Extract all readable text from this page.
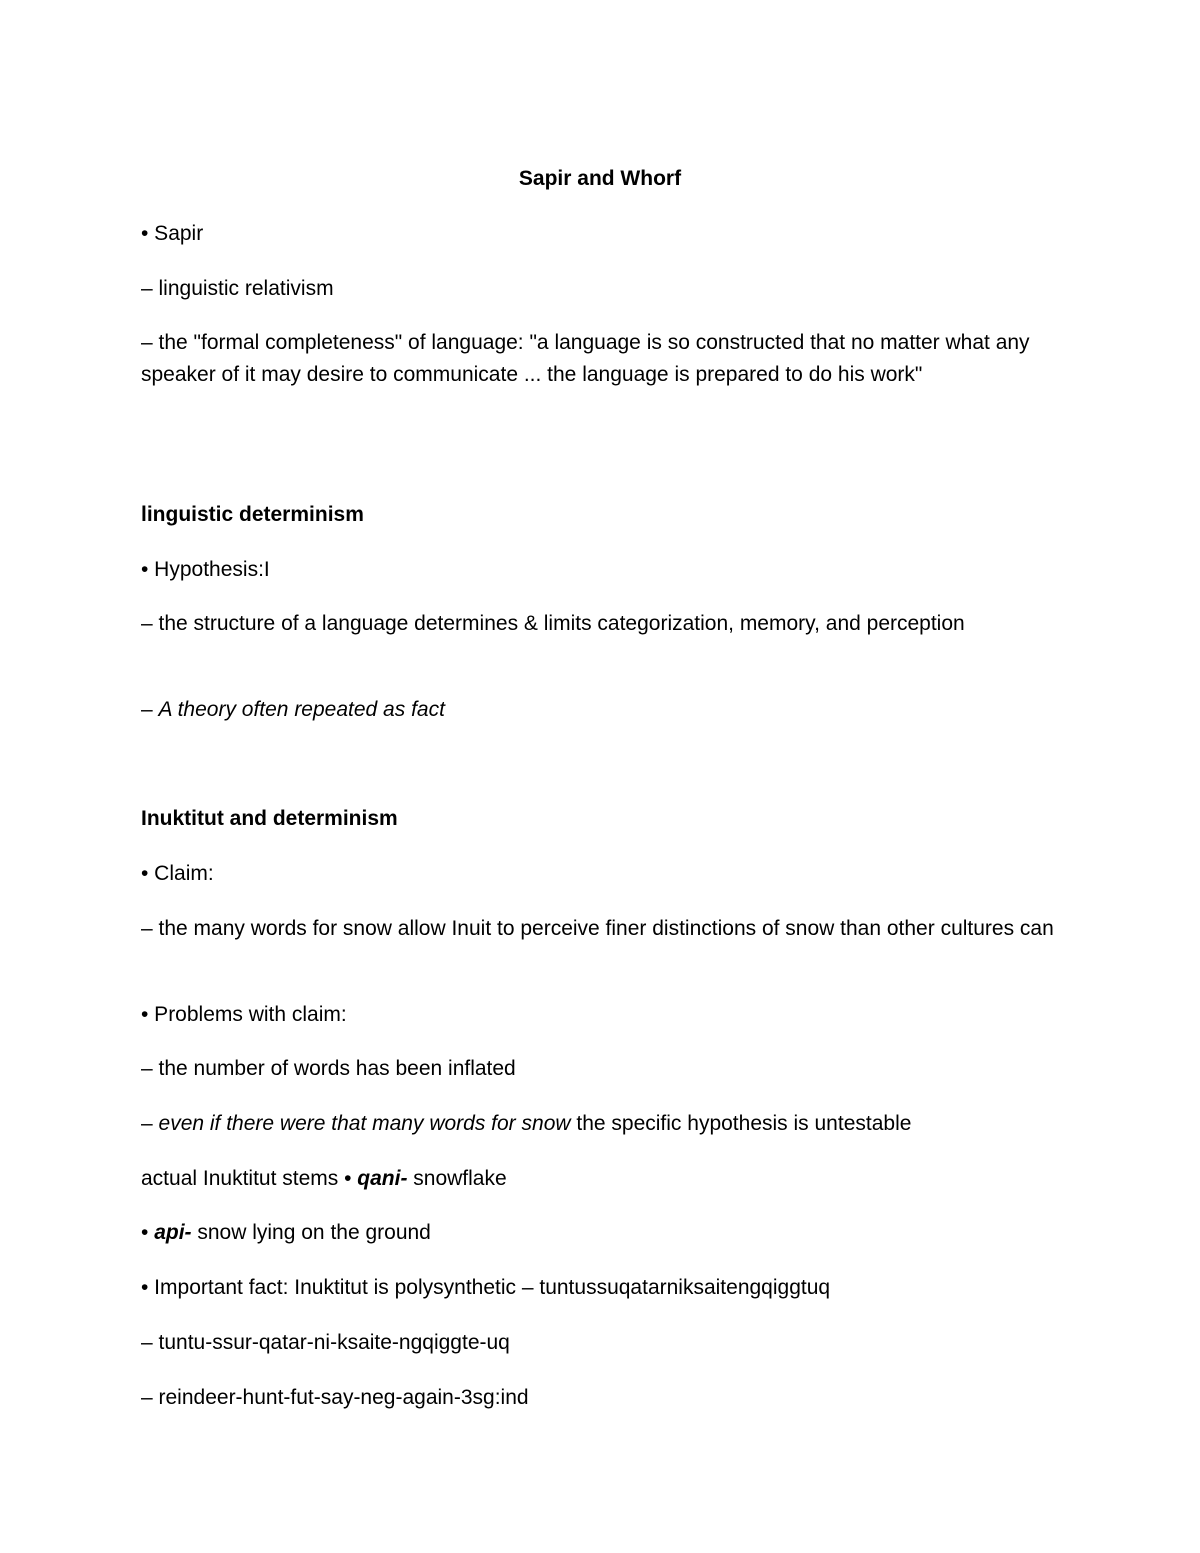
Sapir and Whorf
• Sapir
– linguistic relativism
– the "formal completeness" of language: "a language is so constructed that no matter what any speaker of it may desire to communicate ... the language is prepared to do his work"
linguistic determinism
• Hypothesis:I
– the structure of a language determines & limits categorization, memory, and perception
– A theory often repeated as fact
Inuktitut and determinism
• Claim:
– the many words for snow allow Inuit to perceive finer distinctions of snow than other cultures can
• Problems with claim:
– the number of words has been inflated
– even if there were that many words for snow the specific hypothesis is untestable
actual Inuktitut stems • qani- snowflake
• api- snow lying on the ground
• Important fact: Inuktitut is polysynthetic – tuntussuqatarniksaitengqiggtuq
– tuntu-ssur-qatar-ni-ksaite-ngqiggte-uq
– reindeer-hunt-fut-say-neg-again-3sg:ind
